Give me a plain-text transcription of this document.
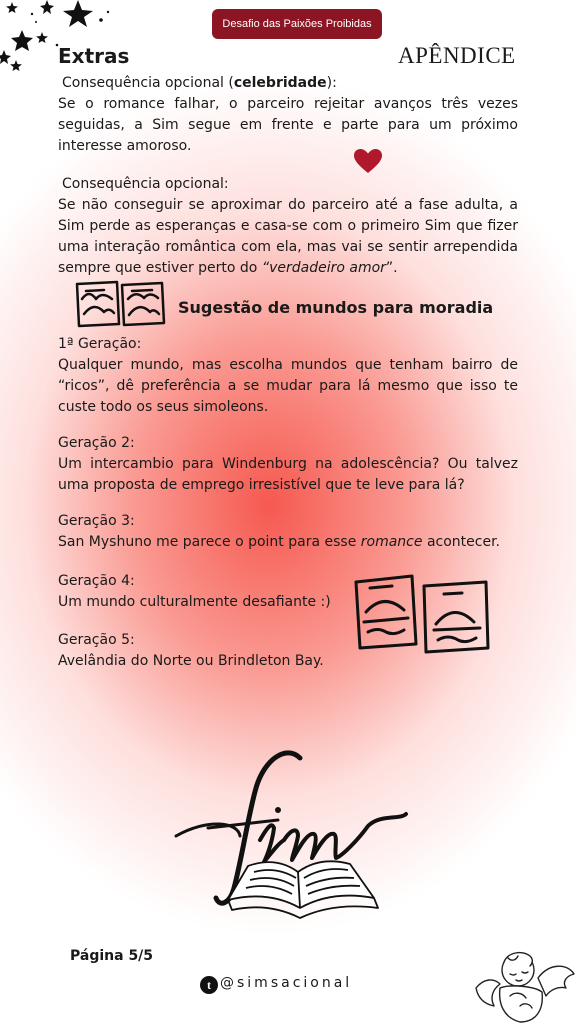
Desafio das Paixões Proibidas
Extras	APÊNDICE
Consequência opcional (celebridade):
Se o romance falhar, o parceiro rejeitar avanços três vezes seguidas, a Sim segue em frente e parte para um próximo interesse amoroso.
Consequência opcional:
Se não conseguir se aproximar do parceiro até a fase adulta, a Sim perde as esperanças e casa-se com o primeiro Sim que fizer uma interação romântica com ela, mas vai se sentir arrependida sempre que estiver perto do “verdadeiro amor”.
Sugestão de mundos para moradia
1ª Geração:
Qualquer mundo, mas escolha mundos que tenham bairro de “ricos”, dê preferência a se mudar para lá mesmo que isso te custe todo os seus simoleons.
Geração 2:
Um intercambio para Windenburg na adolescência? Ou talvez uma proposta de emprego irresistível que te leve para lá?
Geração 3:
San Myshuno me parece o point para esse romance acontecer.
Geração 4:
Um mundo culturalmente desafiante :)
Geração 5:
Avelândia do Norte ou Brindleton Bay.
Página 5/5
t @simsacional
